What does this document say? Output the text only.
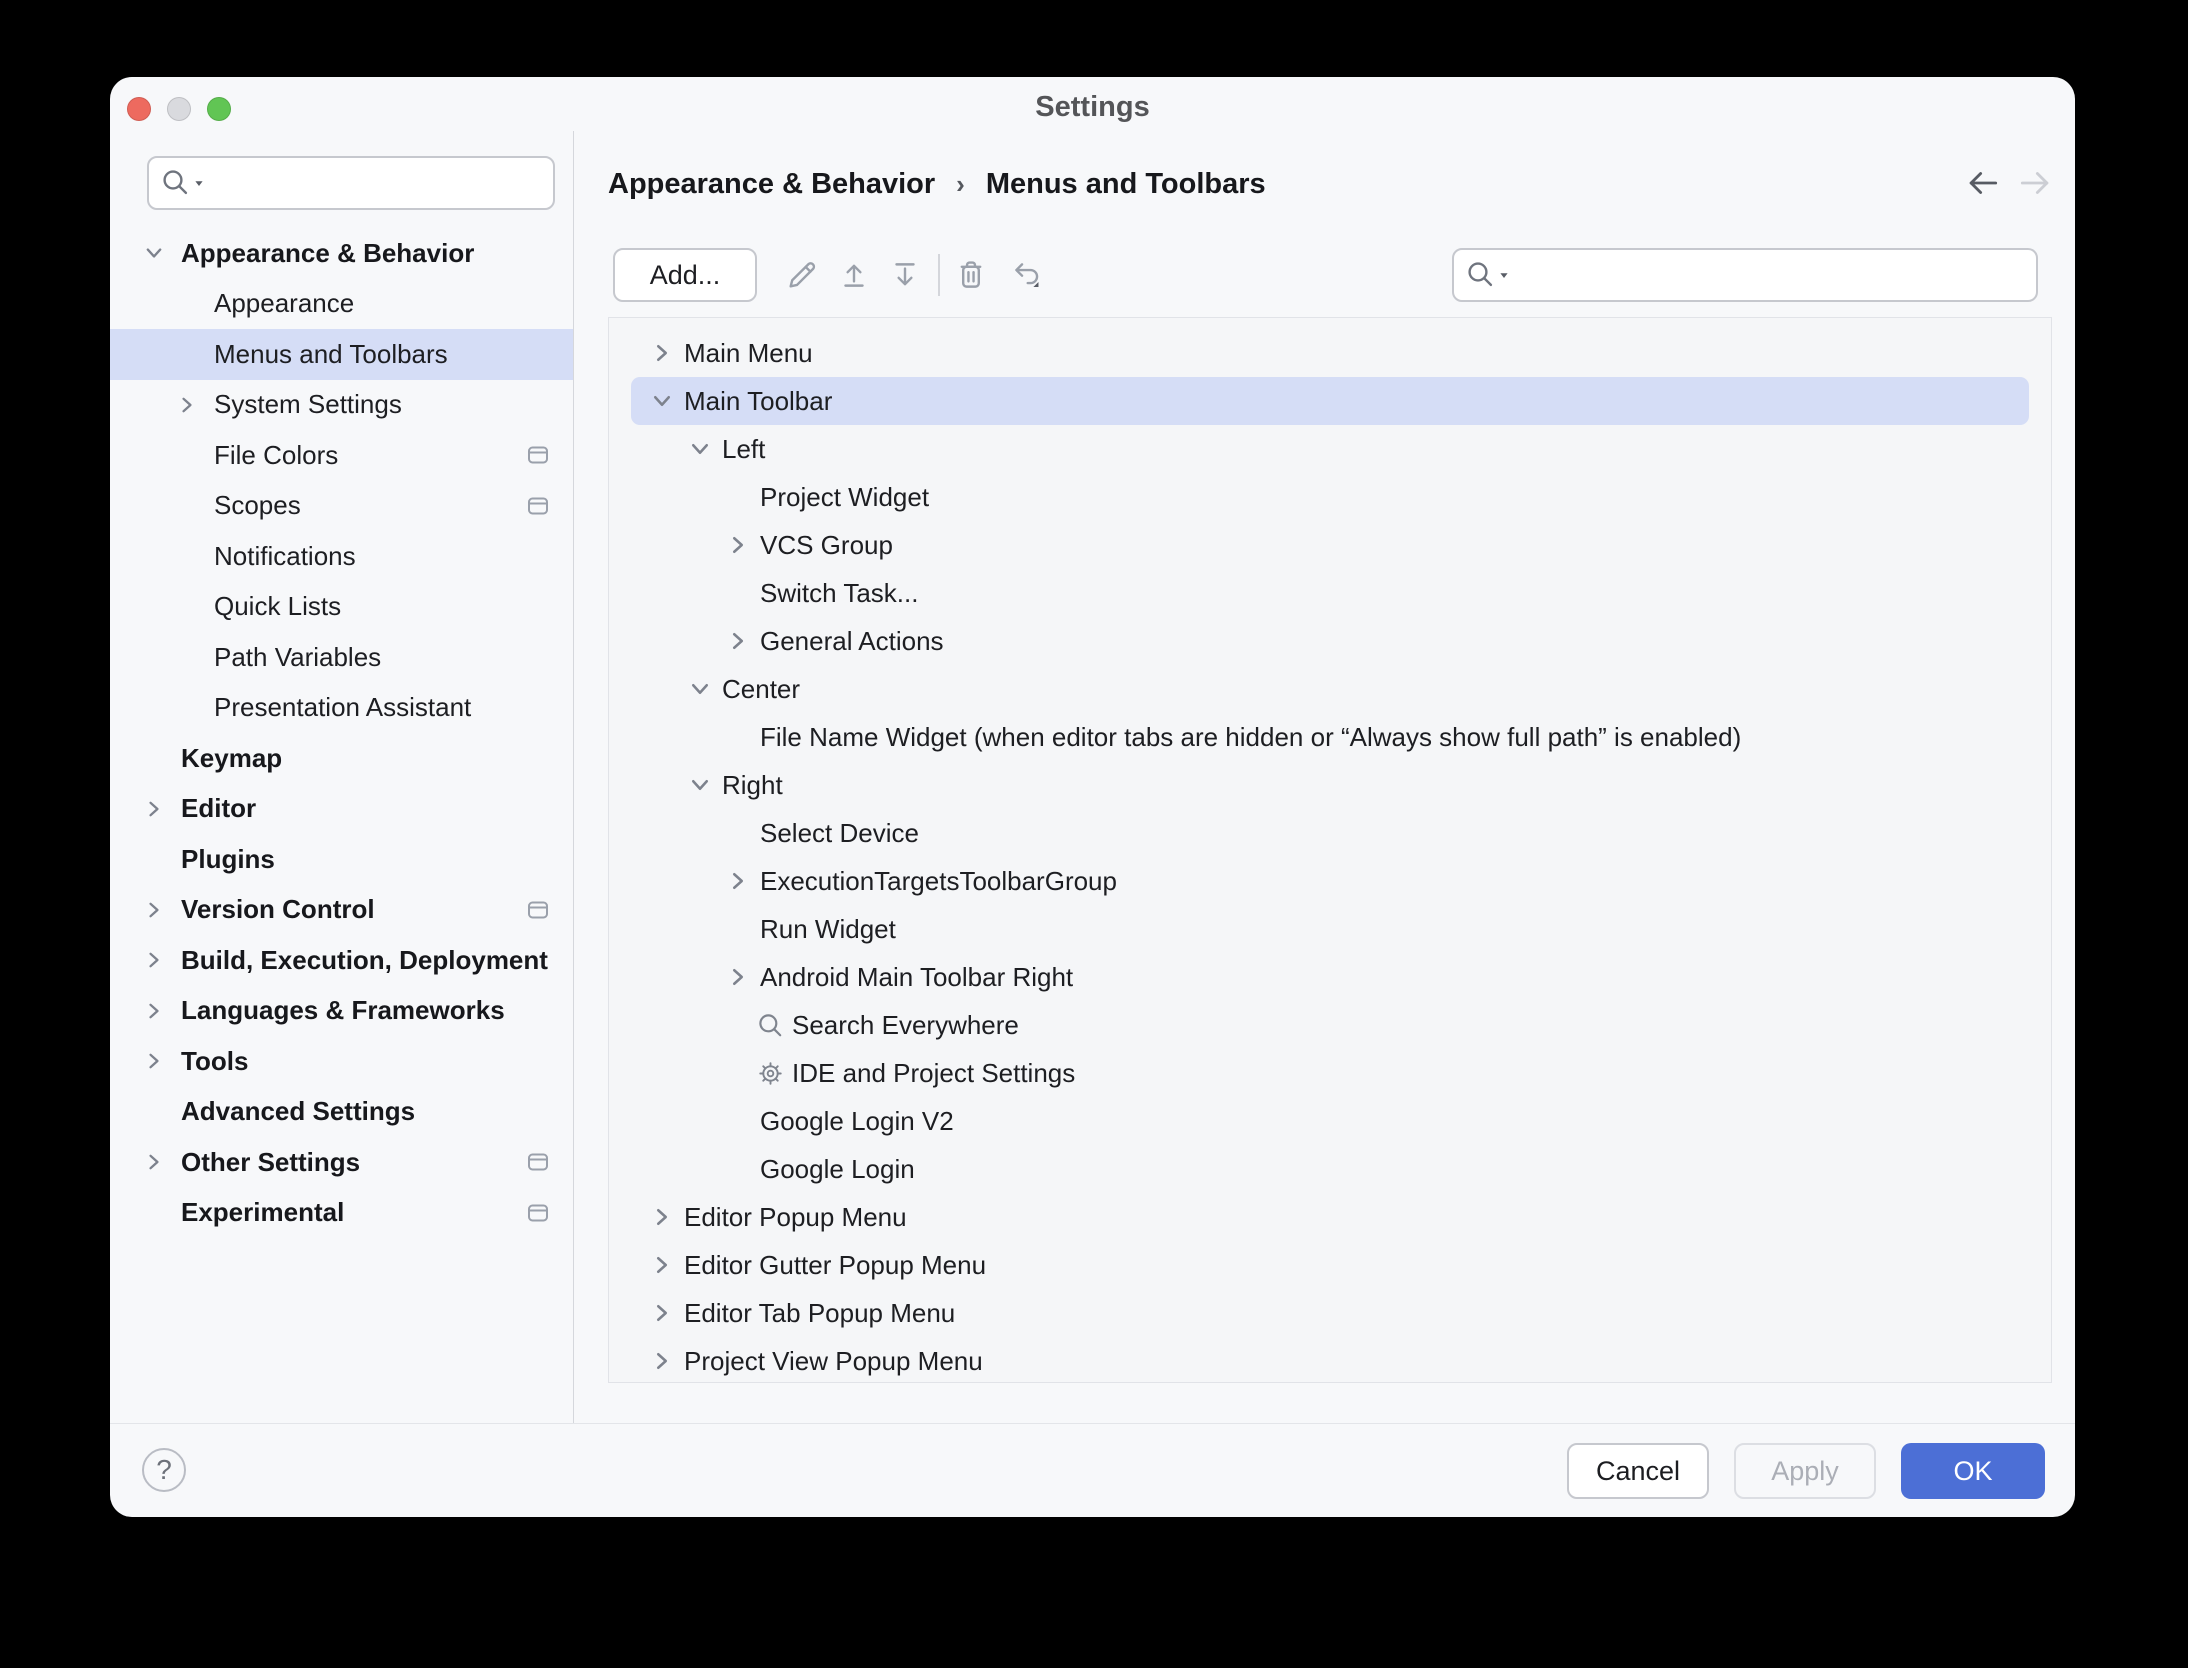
Settings
Appearance & Behavior
Appearance
Menus and Toolbars
System Settings
File Colors
Scopes
Notifications
Quick Lists
Path Variables
Presentation Assistant
Keymap
Editor
Plugins
Version Control
Build, Execution, Deployment
Languages & Frameworks
Tools
Advanced Settings
Other Settings
Experimental
Appearance & Behavior › Menus and Toolbars
Add...
Main Menu
Main Toolbar
Left
Project Widget
VCS Group
Switch Task...
General Actions
Center
File Name Widget (when editor tabs are hidden or “Always show full path” is enabled)
Right
Select Device
ExecutionTargetsToolbarGroup
Run Widget
Android Main Toolbar Right
Search Everywhere
IDE and Project Settings
Google Login V2
Google Login
Editor Popup Menu
Editor Gutter Popup Menu
Editor Tab Popup Menu
Project View Popup Menu
?	Cancel	Apply	OK
